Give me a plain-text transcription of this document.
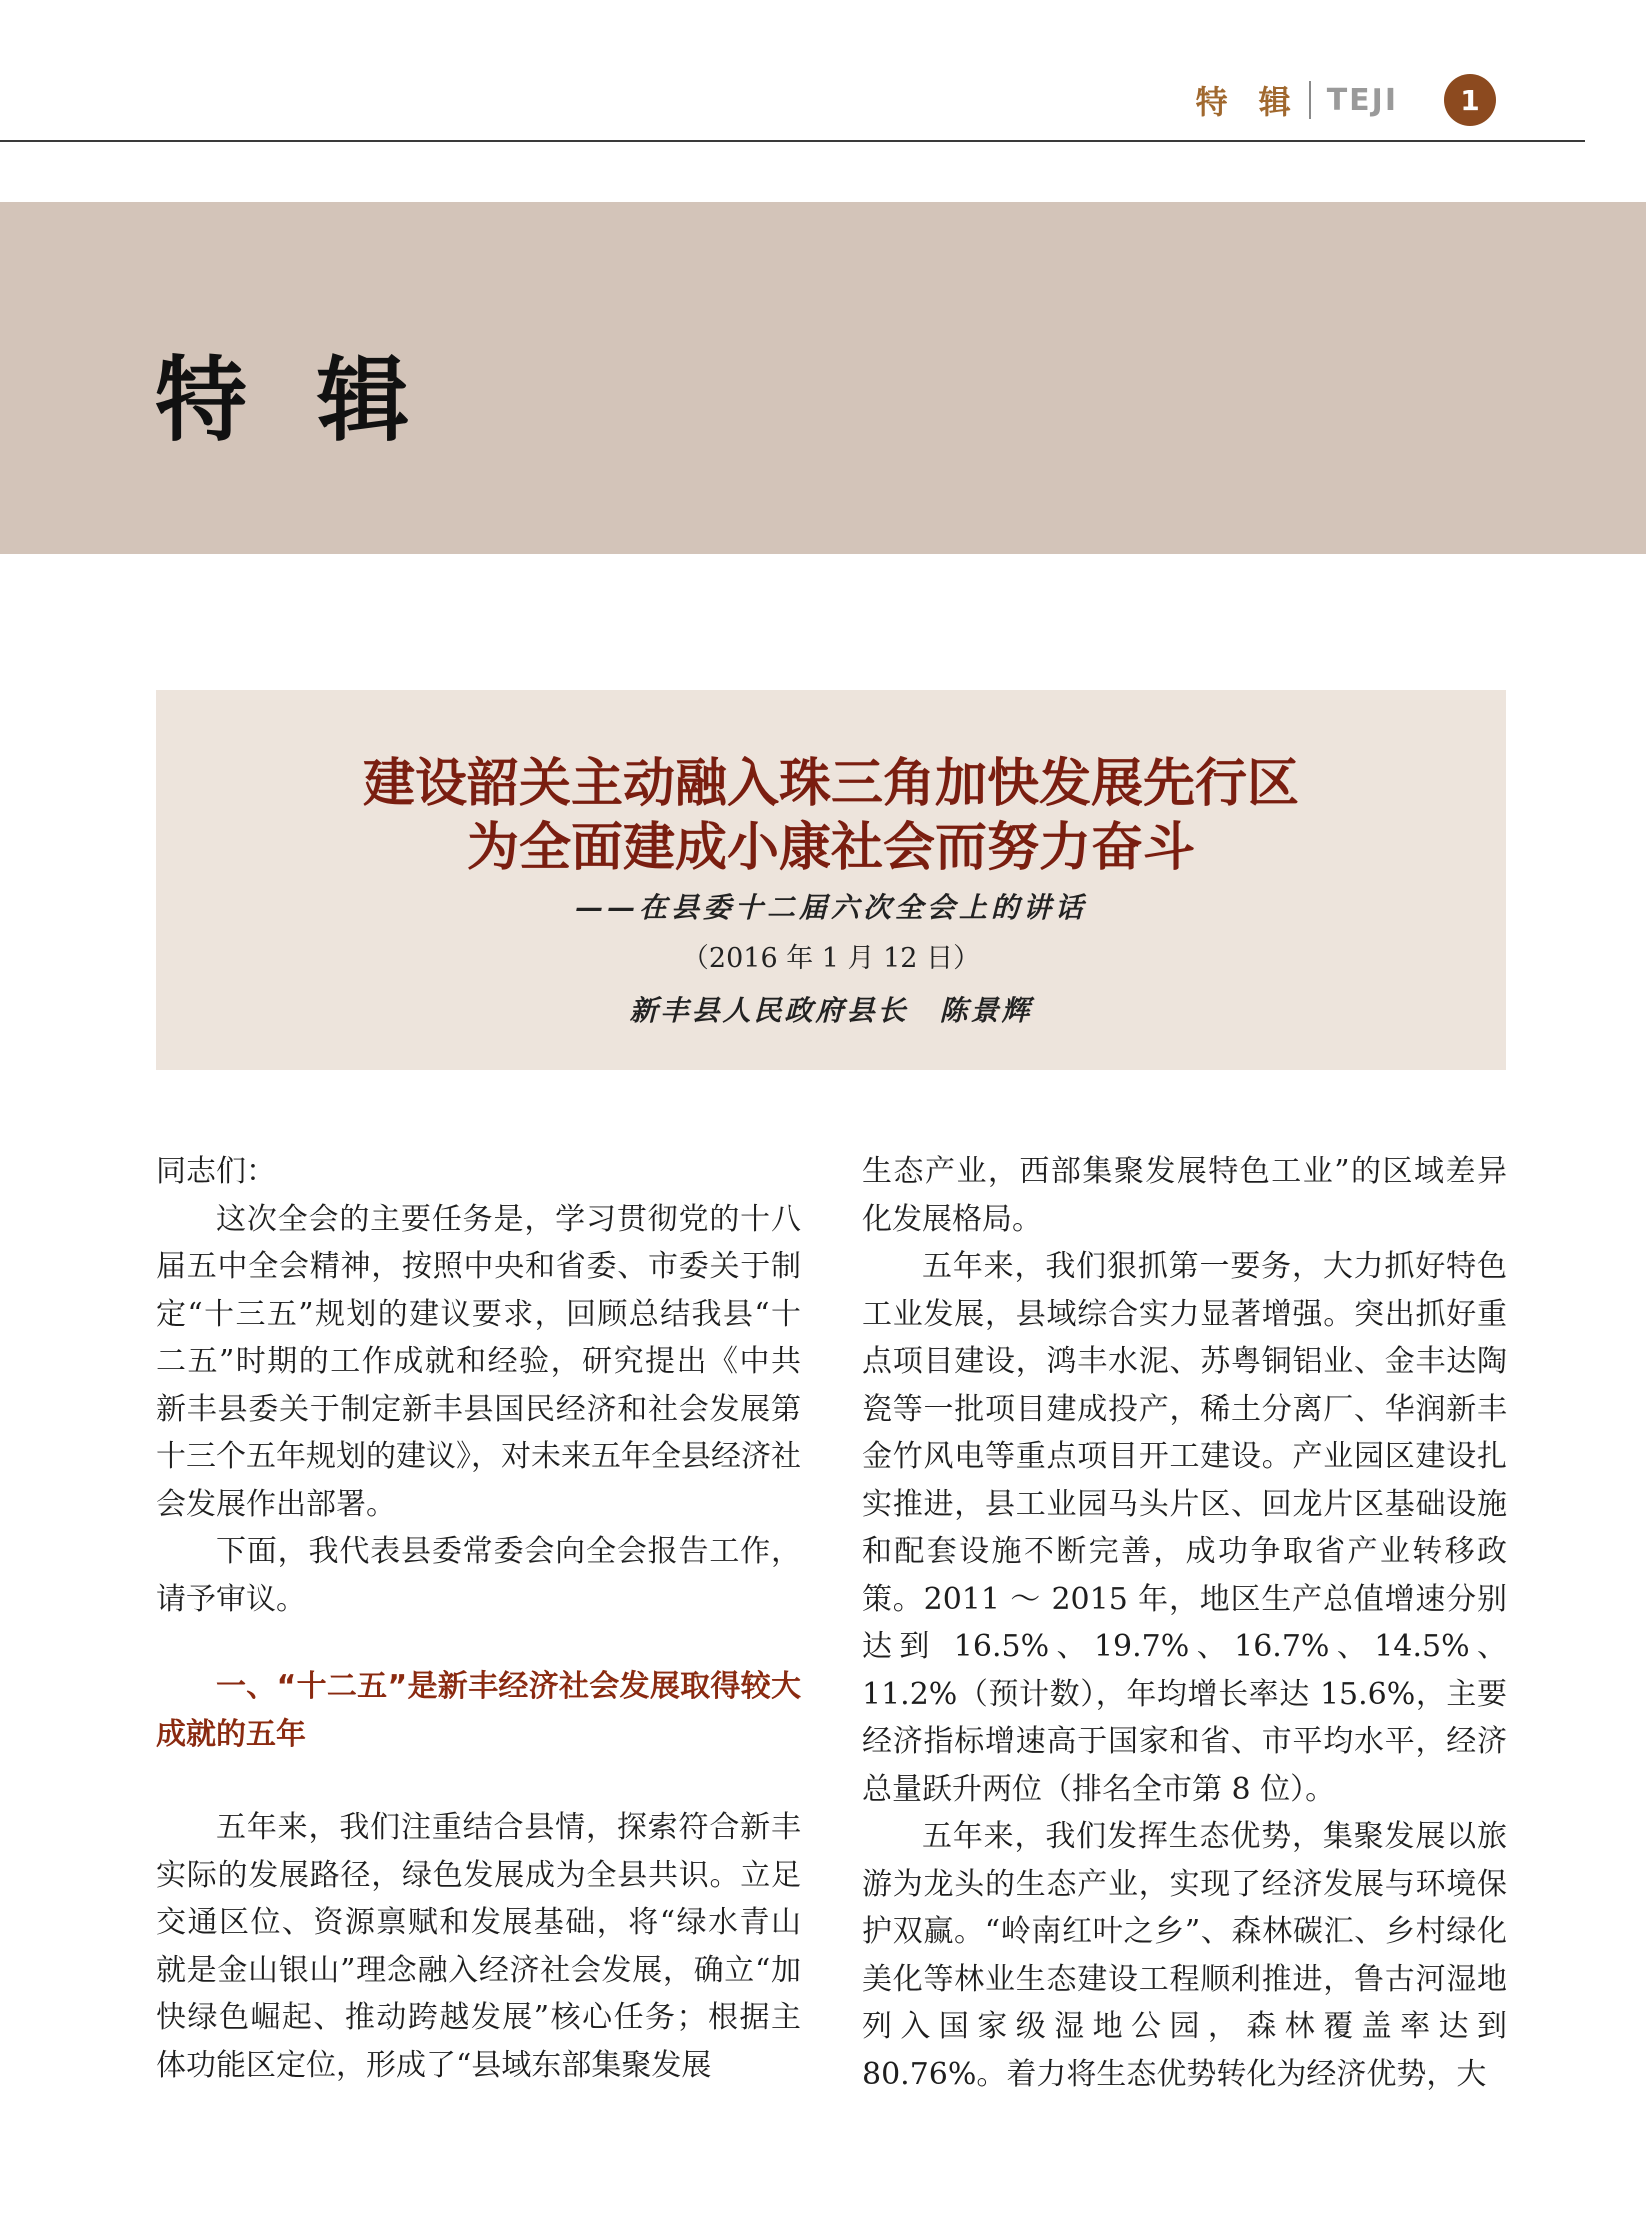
特 辑 TEJI	1
特辑
建设韶关主动融入珠三角加快发展先行区
为全面建成小康社会而努力奋斗
——在县委十二届六次全会上的讲话
（2016 年 1 月 12 日）
新丰县人民政府县长　陈景辉

同志们：

这次全会的主要任务是，学习贯彻党的十八届五中全会精神，按照中央和省委、市委关于制定“十三五”规划的建议要求，回顾总结我县“十二五”时期的工作成就和经验，研究提出《中共新丰县委关于制定新丰县国民经济和社会发展第十三个五年规划的建议》，对未来五年全县经济社会发展作出部署。

下面，我代表县委常委会向全会报告工作，请予审议。

一、“十二五”是新丰经济社会发展取得较大成就的五年

五年来，我们注重结合县情，探索符合新丰实际的发展路径，绿色发展成为全县共识。立足交通区位、资源禀赋和发展基础，将“绿水青山就是金山银山”理念融入经济社会发展，确立“加快绿色崛起、推动跨越发展”核心任务；根据主体功能区定位，形成了“县域东部集聚发展

生态产业，西部集聚发展特色工业”的区域差异化发展格局。

五年来，我们狠抓第一要务，大力抓好特色工业发展，县域综合实力显著增强。突出抓好重点项目建设，鸿丰水泥、苏粤铜铝业、金丰达陶瓷等一批项目建成投产，稀土分离厂、华润新丰金竹风电等重点项目开工建设。产业园区建设扎实推进，县工业园马头片区、回龙片区基础设施和配套设施不断完善，成功争取省产业转移政策。2011 ～ 2015 年，地区生产总值增速分别达到 16.5%、19.7%、16.7%、14.5%、11.2%（预计数），年均增长率达 15.6%，主要经济指标增速高于国家和省、市平均水平，经济总量跃升两位（排名全市第 8 位）。

五年来，我们发挥生态优势，集聚发展以旅游为龙头的生态产业，实现了经济发展与环境保护双赢。“岭南红叶之乡”、森林碳汇、乡村绿化美化等林业生态建设工程顺利推进，鲁古河湿地列入国家级湿地公园，森林覆盖率达到 80.76%。着力将生态优势转化为经济优势，大
